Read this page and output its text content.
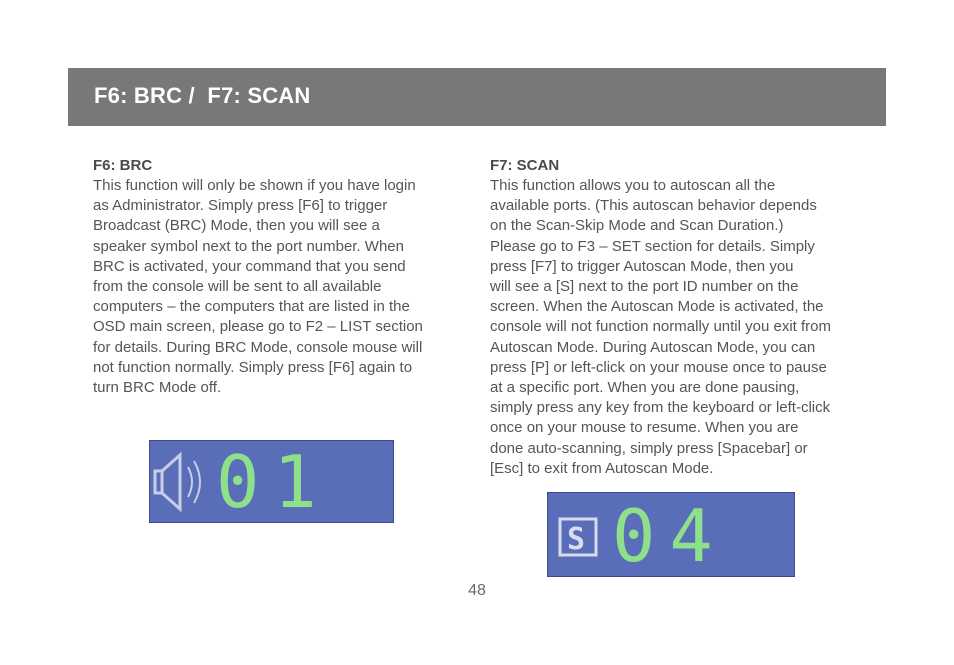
F6: BRC /  F7: SCAN
F6: BRC

This function will only be shown if you have login
as Administrator. Simply press [F6] to trigger
Broadcast (BRC) Mode, then you will see a
speaker symbol next to the port number. When
BRC is activated, your command that you send
from the console will be sent to all available
computers – the computers that are listed in the
OSD main screen, please go to F2 – LIST section
for details. During BRC Mode, console mouse will
not function normally. Simply press [F6] again to
turn BRC Mode off.

F7: SCAN

This function allows you to autoscan all the
available ports. (This autoscan behavior depends
on the Scan-Skip Mode and Scan Duration.)
Please go to F3 – SET section for details. Simply
press [F7] to trigger Autoscan Mode, then you
will see a [S] next to the port ID number on the
screen. When the Autoscan Mode is activated, the
console will not function normally until you exit from
Autoscan Mode. During Autoscan Mode, you can
press [P] or left-click on your mouse once to pause
at a specific port. When you are done pausing,
simply press any key from the keyboard or left-click
once on your mouse to resume. When you are
done auto-scanning, simply press [Spacebar] or
[Esc] to exit from Autoscan Mode.

01
S 04
48
